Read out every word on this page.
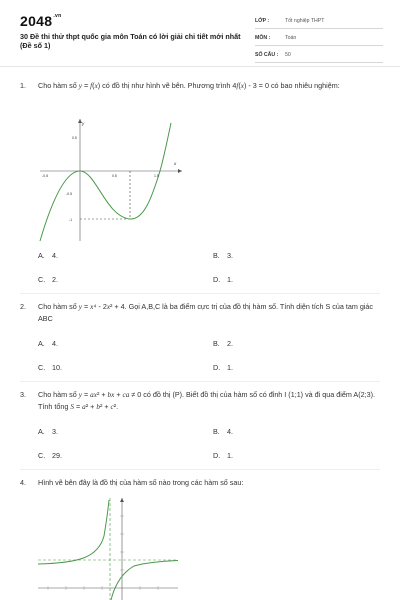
$2048^{.vn}$
30 Đề thi thử thpt quốc gia môn Toán có lời giải chi tiết mới nhất (Đề số 1)
LỚP :	Tốt nghiệp THPT
MÔN :	Toán
SỐ CÂU :	50
1. Cho hàm số y = f(x) có đồ thị như hình vẽ bên. Phương trình 4f(x) - 3 = 0 có bao nhiêu nghiệm:
y
x
0.5
-0.5	0.5	1.5
-0.5
-1
A. 4.	B. 3.
C. 2.	D. 1.
2. Cho hàm số y = x⁴ - 2x² + 4. Gọi A,B,C là ba điểm cực trị của đồ thị hàm số. Tính diện tích S của tam giác ABC
A. 4.	B. 2.
C. 10.	D. 1.
3. Cho hàm số y = ax² + bx + ca ≠ 0 có đồ thị (P). Biết đồ thị của hàm số có đỉnh I (1;1) và đi qua điểm A(2;3). Tính tổng S = a² + b² + c².
A. 3.	B. 4.
C. 29.	D. 1.
4. Hình vẽ bên đây là đồ thị của hàm số nào trong các hàm số sau:
